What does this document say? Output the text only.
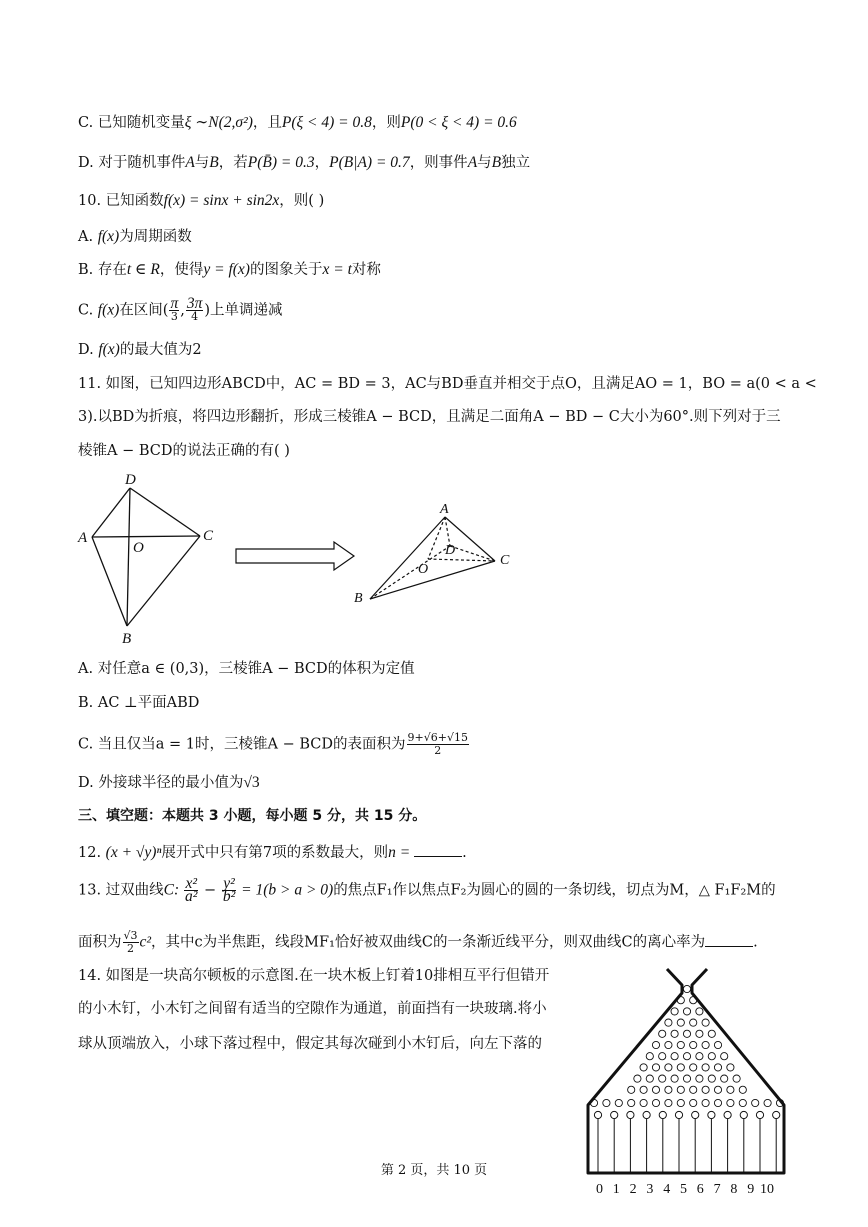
C. 已知随机变量ξ ∼N(2,σ²)，且P(ξ < 4) = 0.8，则P(0 < ξ < 4) = 0.6
D. 对于随机事件A与B，若P(B̄) = 0.3，P(B|A) = 0.7，则事件A与B独立
10. 已知函数f(x) = sinx + sin2x，则( )
A. f(x)为周期函数
B. 存在t ∈ R，使得y = f(x)的图象关于x = t对称
C. f(x)在区间( $\frac{\pi}{3}$ , $\frac{3\pi}{4}$ )上单调递减
D. f(x)的最大值为2
11. 如图，已知四边形ABCD中，AC = BD = 3，AC与BD垂直并相交于点O，且满足AO = 1，BO = a(0 < a <
3).以BD为折痕，将四边形翻折，形成三棱锥A − BCD，且满足二面角A − BD − C大小为60°.则下列对于三
棱锥A − BCD的说法正确的有( )
D
A
O
C
B
A
D
O
C
B
A. 对任意a ∈ (0,3)，三棱锥A − BCD的体积为定值
B. AC ⊥平面ABD
C. 当且仅当a = 1时，三棱锥A − BCD的表面积为 $\frac{9+√6+√15}{2}$
D. 外接球半径的最小值为√3
三、填空题：本题共 3 小题，每小题 5 分，共 15 分。
12. (x + √y)ⁿ展开式中只有第7项的系数最大，则n =	.
13. 过双曲线C: $\frac{\text{x²}}{\text{a²}} - \frac{\text{y²}}{\text{b²}} = 1(b > a > 0)$的焦点F₁作以焦点F₂为圆心的圆的一条切线，切点为M，△ F₁F₂M的
面积为 $\frac{√3}{2} c^2$，其中c为半焦距，线段MF₁恰好被双曲线C的一条渐近线平分，则双曲线C的离心率为	.
14. 如图是一块高尔顿板的示意图.在一块木板上钉着10排相互平行但错开
的小木钉，小木钉之间留有适当的空隙作为通道，前面挡有一块玻璃.将小
球从顶端放入，小球下落过程中，假定其每次碰到小木钉后，向左下落的
0 1 2 3 4 5 6 7 8 9 10
第 2 页，共 10 页
